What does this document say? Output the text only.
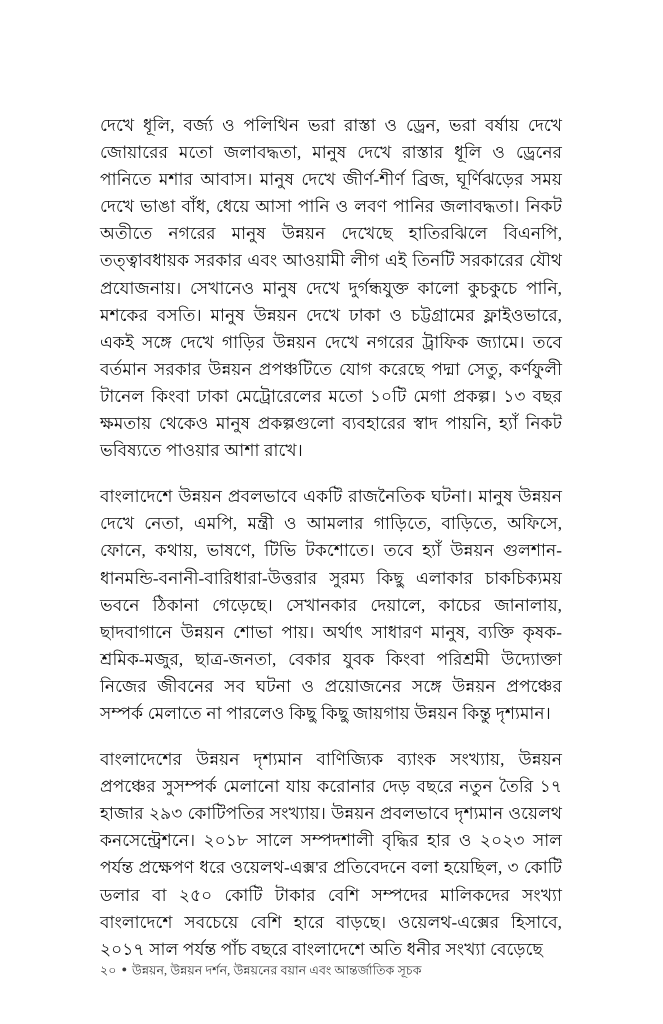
দেখে ধূলি, বর্জ্য ও পলিথিন ভরা রাস্তা ও ড্রেন, ভরা বর্ষায় দেখে জোয়ারের মতো জলাবদ্ধতা, মানুষ দেখে রাস্তার ধূলি ও ড্রেনের পানিতে মশার আবাস। মানুষ দেখে জীর্ণ-শীর্ণ ব্রিজ, ঘূর্ণিঝড়ের সময় দেখে ভাঙা বাঁধ, ধেয়ে আসা পানি ও লবণ পানির জলাবদ্ধতা। নিকট অতীতে নগরের মানুষ উন্নয়ন দেখেছে হাতিরঝিলে বিএনপি, তত্ত্বাবধায়ক সরকার এবং আওয়ামী লীগ এই তিনটি সরকারের যৌথ প্রযোজনায়। সেখানেও মানুষ দেখে দুর্গন্ধযুক্ত কালো কুচকুচে পানি, মশকের বসতি। মানুষ উন্নয়ন দেখে ঢাকা ও চট্টগ্রামের ফ্লাইওভারে, একই সঙ্গে দেখে গাড়ির উন্নয়ন দেখে নগরের ট্রাফিক জ্যামে। তবে বর্তমান সরকার উন্নয়ন প্রপঞ্চটিতে যোগ করেছে পদ্মা সেতু, কর্ণফুলী টানেল কিংবা ঢাকা মেট্রোরেলের মতো ১০টি মেগা প্রকল্প। ১৩ বছর ক্ষমতায় থেকেও মানুষ প্রকল্পগুলো ব্যবহারের স্বাদ পায়নি, হ্যাঁ নিকট ভবিষ্যতে পাওয়ার আশা রাখে।

বাংলাদেশে উন্নয়ন প্রবলভাবে একটি রাজনৈতিক ঘটনা। মানুষ উন্নয়ন দেখে নেতা, এমপি, মন্ত্রী ও আমলার গাড়িতে, বাড়িতে, অফিসে, ফোনে, কথায়, ভাষণে, টিভি টকশোতে। তবে হ্যাঁ উন্নয়ন গুলশান-ধানমন্ডি-বনানী-বারিধারা-উত্তরার সুরম্য কিছু এলাকার চাকচিক্যময় ভবনে ঠিকানা গেড়েছে। সেখানকার দেয়ালে, কাচের জানালায়, ছাদবাগানে উন্নয়ন শোভা পায়। অর্থাৎ সাধারণ মানুষ, ব্যক্তি কৃষক-শ্রমিক-মজুর, ছাত্র-জনতা, বেকার যুবক কিংবা পরিশ্রমী উদ্যোক্তা নিজের জীবনের সব ঘটনা ও প্রয়োজনের সঙ্গে উন্নয়ন প্রপঞ্চের সম্পর্ক মেলাতে না পারলেও কিছু কিছু জায়গায় উন্নয়ন কিন্তু দৃশ্যমান।

বাংলাদেশের উন্নয়ন দৃশ্যমান বাণিজ্যিক ব্যাংক সংখ্যায়, উন্নয়ন প্রপঞ্চের সুসম্পর্ক মেলানো যায় করোনার দেড় বছরে নতুন তৈরি ১৭ হাজার ২৯৩ কোটিপতির সংখ্যায়। উন্নয়ন প্রবলভাবে দৃশ্যমান ওয়েলথ কনসেন্ট্রেশনে। ২০১৮ সালে সম্পদশালী বৃদ্ধির হার ও ২০২৩ সাল পর্যন্ত প্রক্ষেপণ ধরে ওয়েলথ-এক্স'র প্রতিবেদনে বলা হয়েছিল, ৩ কোটি ডলার বা ২৫০ কোটি টাকার বেশি সম্পদের মালিকদের সংখ্যা বাংলাদেশে সবচেয়ে বেশি হারে বাড়ছে। ওয়েলথ-এক্সের হিসাবে, ২০১৭ সাল পর্যন্ত পাঁচ বছরে বাংলাদেশে অতি ধনীর সংখ্যা বেড়েছে

২০ ● উন্নয়ন, উন্নয়ন দর্শন, উন্নয়নের বয়ান এবং আন্তর্জাতিক সূচক
